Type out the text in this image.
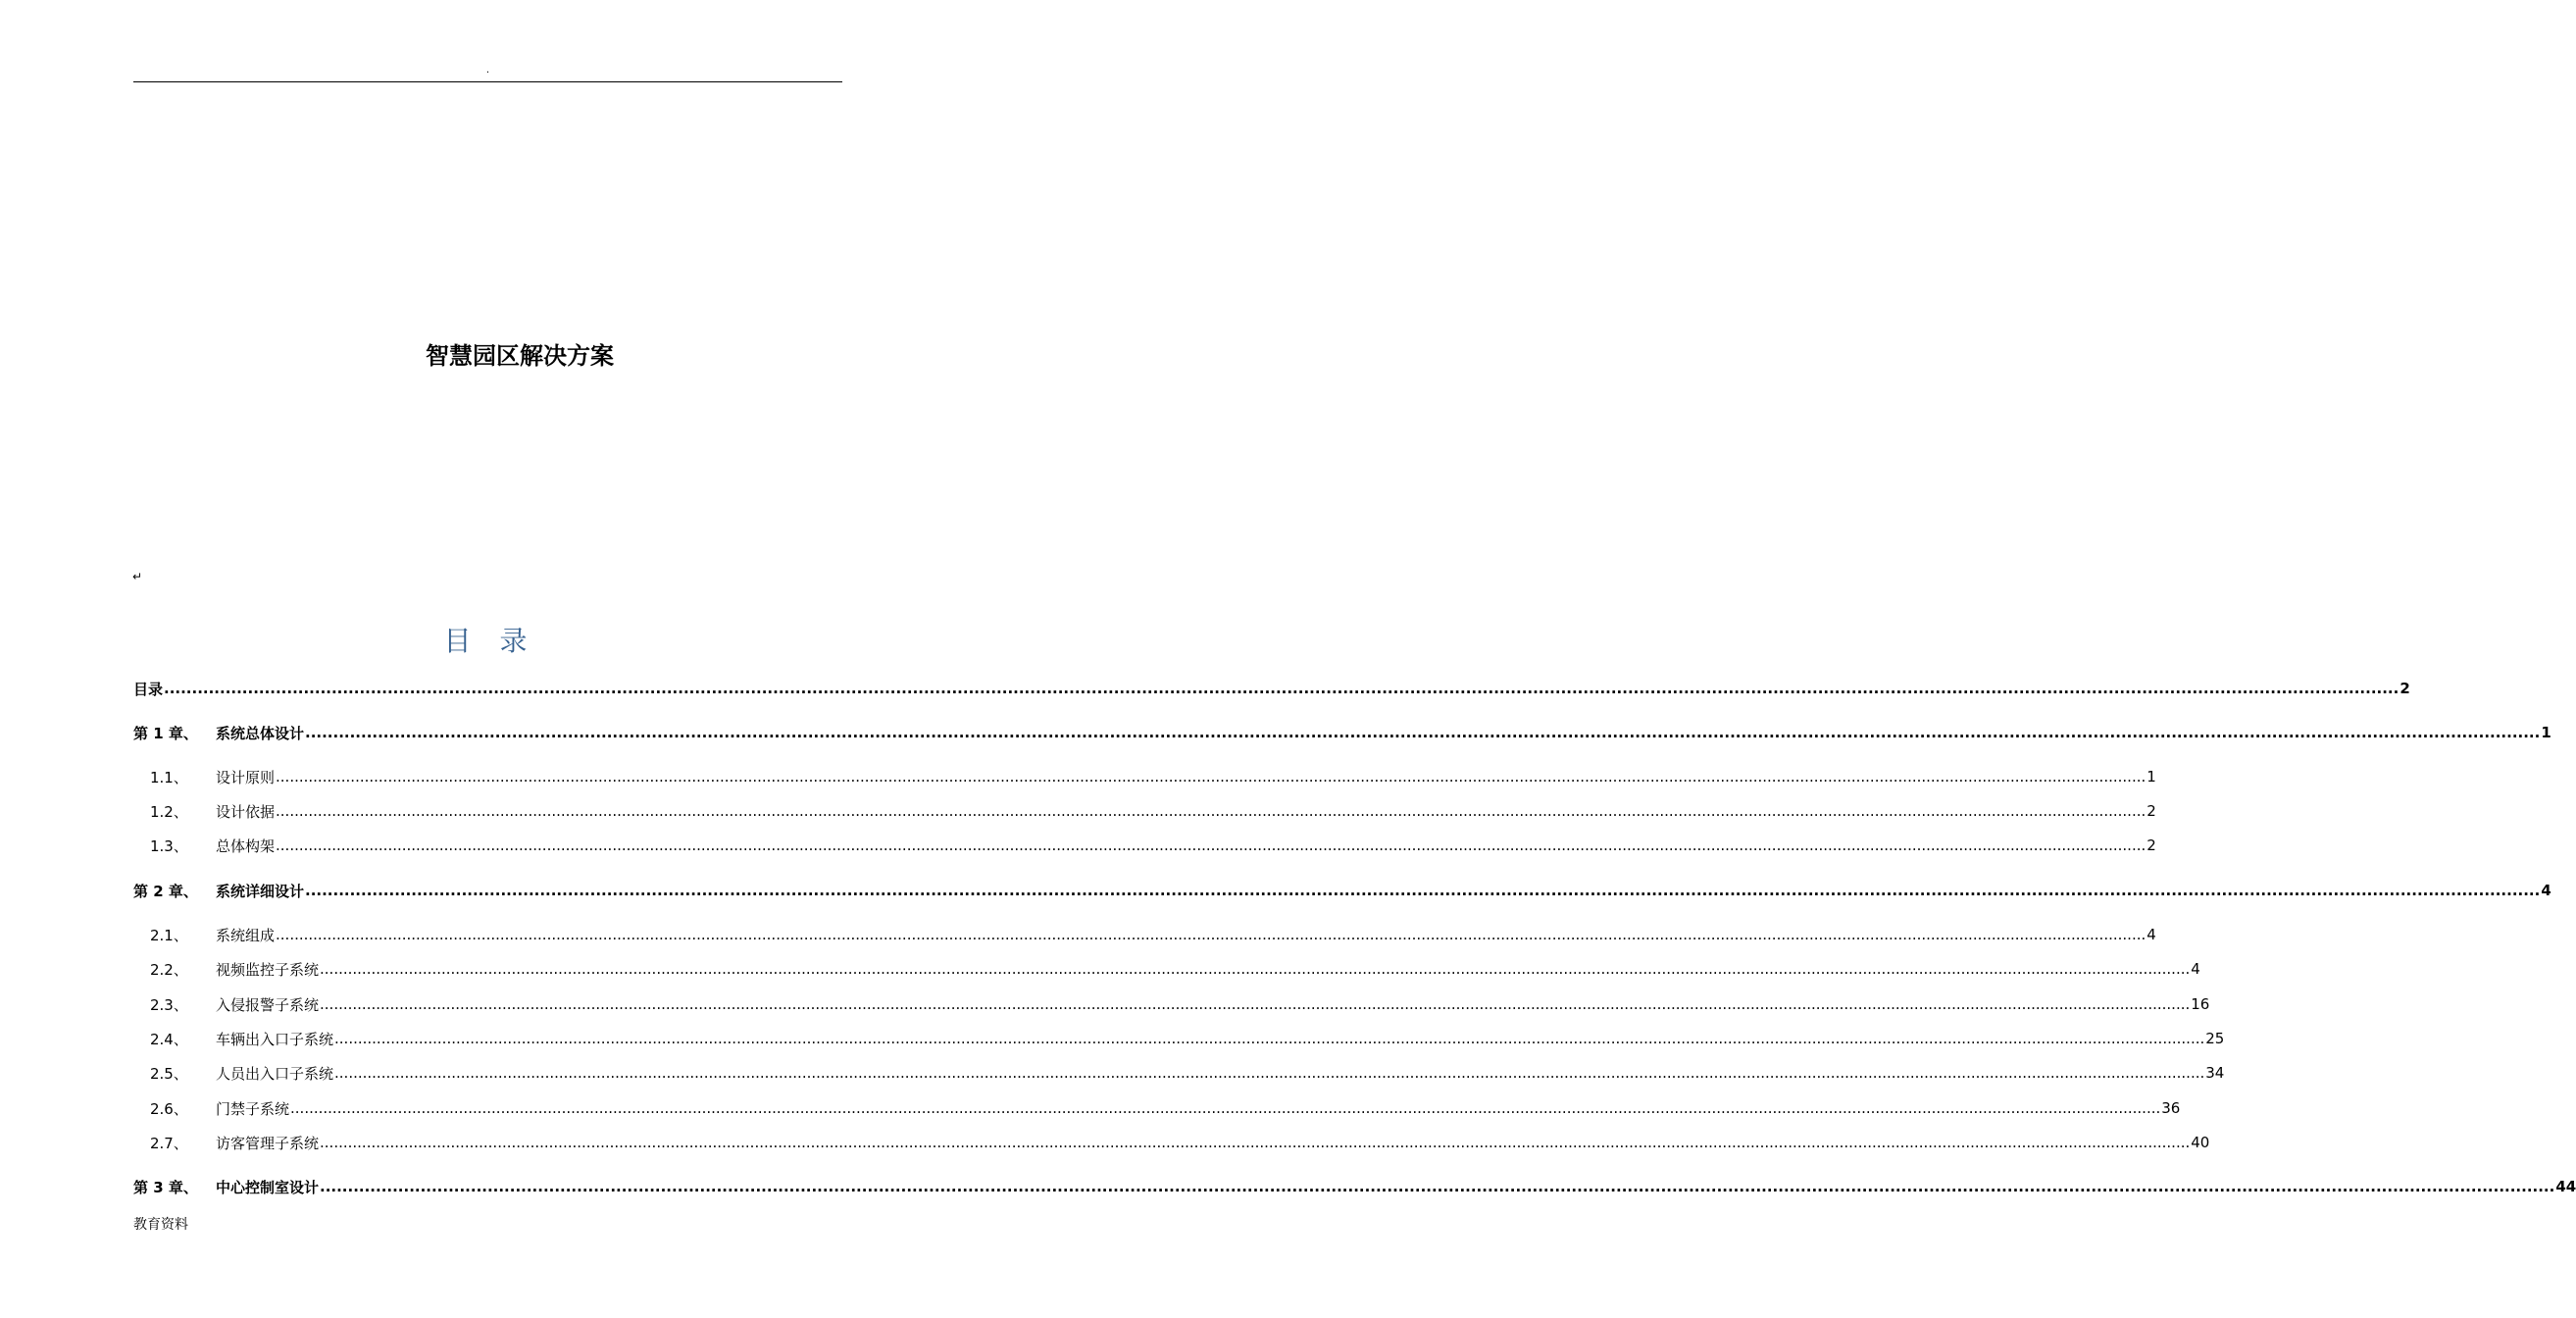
.
智慧园区解决方案
↵
目 录
目录 ................................................................................................................................................................................................................................................................................................................................................................................................................ 2
第 1 章、	系统总体设计 ................................................................................................................................................................................................................................................................................................................................................................................................................ 1
1.1、	设计原则 ................................................................................................................................................................................................................................................................................................................................................................................................................ 1
1.2、	设计依据 ................................................................................................................................................................................................................................................................................................................................................................................................................ 2
1.3、	总体构架 ................................................................................................................................................................................................................................................................................................................................................................................................................ 2
第 2 章、	系统详细设计 ................................................................................................................................................................................................................................................................................................................................................................................................................ 4
2.1、	系统组成 ................................................................................................................................................................................................................................................................................................................................................................................................................ 4
2.2、	视频监控子系统 ................................................................................................................................................................................................................................................................................................................................................................................................................ 4
2.3、	入侵报警子系统 ................................................................................................................................................................................................................................................................................................................................................................................................................ 16
2.4、	车辆出入口子系统 ................................................................................................................................................................................................................................................................................................................................................................................................................ 25
2.5、	人员出入口子系统 ................................................................................................................................................................................................................................................................................................................................................................................................................ 34
2.6、	门禁子系统 ................................................................................................................................................................................................................................................................................................................................................................................................................ 36
2.7、	访客管理子系统 ................................................................................................................................................................................................................................................................................................................................................................................................................ 40
第 3 章、	中心控制室设计 ................................................................................................................................................................................................................................................................................................................................................................................................................ 44
教育资料
